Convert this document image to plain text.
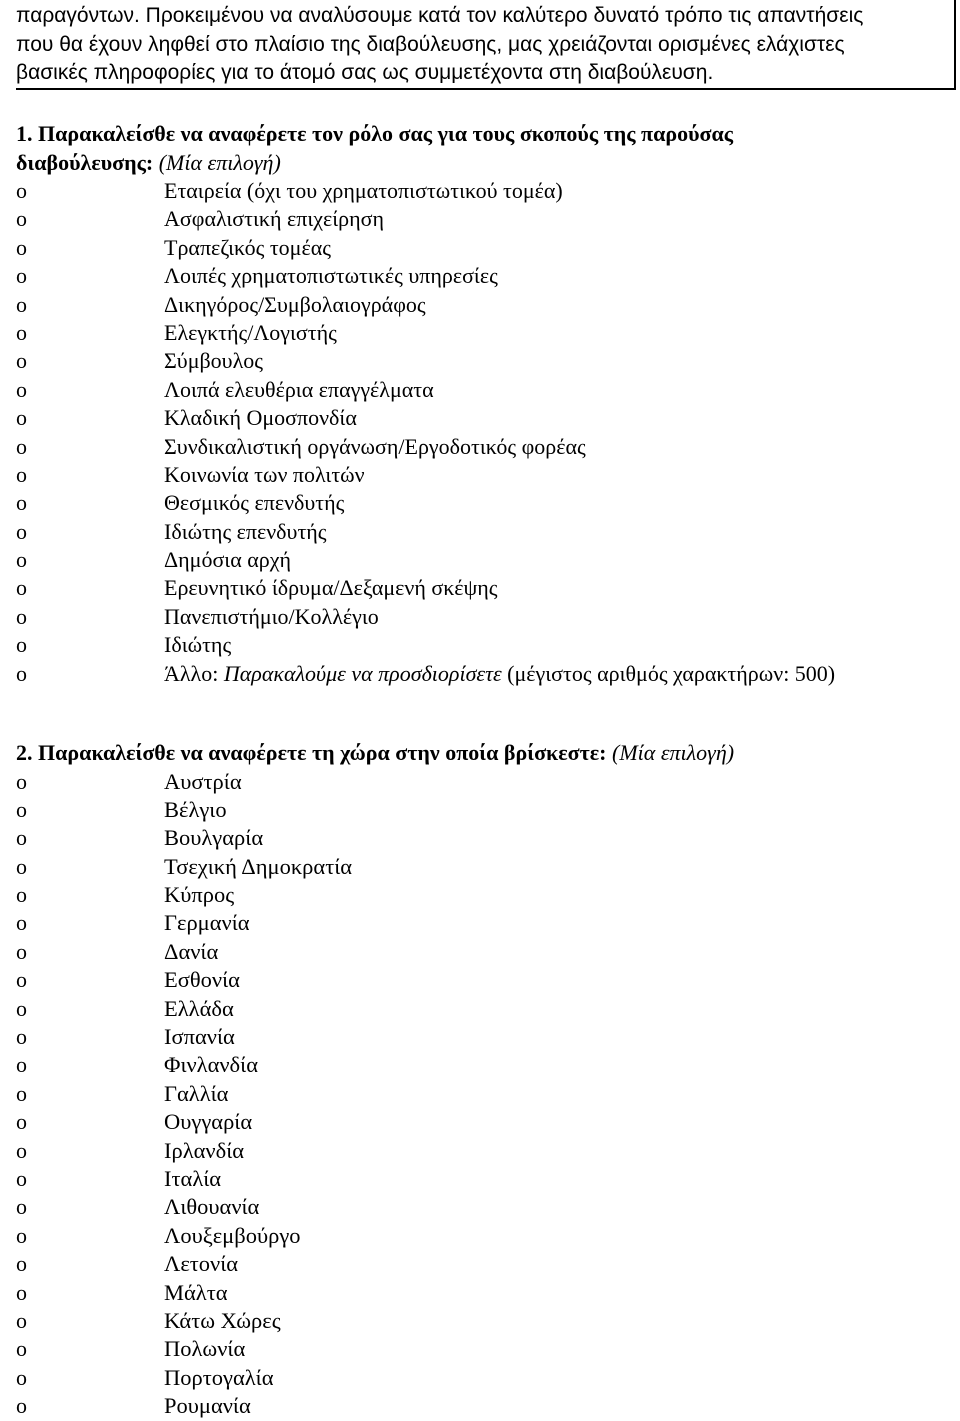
παραγόντων. Προκειμένου να αναλύσουμε κατά τον καλύτερο δυνατό τρόπο τις απαντήσεις
που θα έχουν ληφθεί στο πλαίσιο της διαβούλευσης, μας χρειάζονται ορισμένες ελάχιστες
βασικές πληροφορίες για το άτομό σας ως συμμετέχοντα στη διαβούλευση.

1. Παρακαλείσθε να αναφέρετε τον ρόλο σας για τους σκοπούς της παρούσας
διαβούλευσης: (Μία επιλογή)

o	Εταιρεία (όχι του χρηματοπιστωτικού τομέα)
o	Ασφαλιστική επιχείρηση
o	Τραπεζικός τομέας
o	Λοιπές χρηματοπιστωτικές υπηρεσίες
o	Δικηγόρος/Συμβολαιογράφος
o	Ελεγκτής/Λογιστής
o	Σύμβουλος
o	Λοιπά ελευθέρια επαγγέλματα
o	Κλαδική Ομοσπονδία
o	Συνδικαλιστική οργάνωση/Εργοδοτικός φορέας
o	Κοινωνία των πολιτών
o	Θεσμικός επενδυτής
o	Ιδιώτης επενδυτής
o	Δημόσια αρχή
o	Ερευνητικό ίδρυμα/Δεξαμενή σκέψης
o	Πανεπιστήμιο/Κολλέγιο
o	Ιδιώτης
o	Άλλο: Παρακαλούμε να προσδιορίσετε (μέγιστος αριθμός χαρακτήρων: 500)

2. Παρακαλείσθε να αναφέρετε τη χώρα στην οποία βρίσκεστε: (Μία επιλογή)

o	Αυστρία
o	Βέλγιο
o	Βουλγαρία
o	Τσεχική Δημοκρατία
o	Κύπρος
o	Γερμανία
o	Δανία
o	Εσθονία
o	Ελλάδα
o	Ισπανία
o	Φινλανδία
o	Γαλλία
o	Ουγγαρία
o	Ιρλανδία
o	Ιταλία
o	Λιθουανία
o	Λουξεμβούργο
o	Λετονία
o	Μάλτα
o	Κάτω Χώρες
o	Πολωνία
o	Πορτογαλία
o	Ρουμανία
